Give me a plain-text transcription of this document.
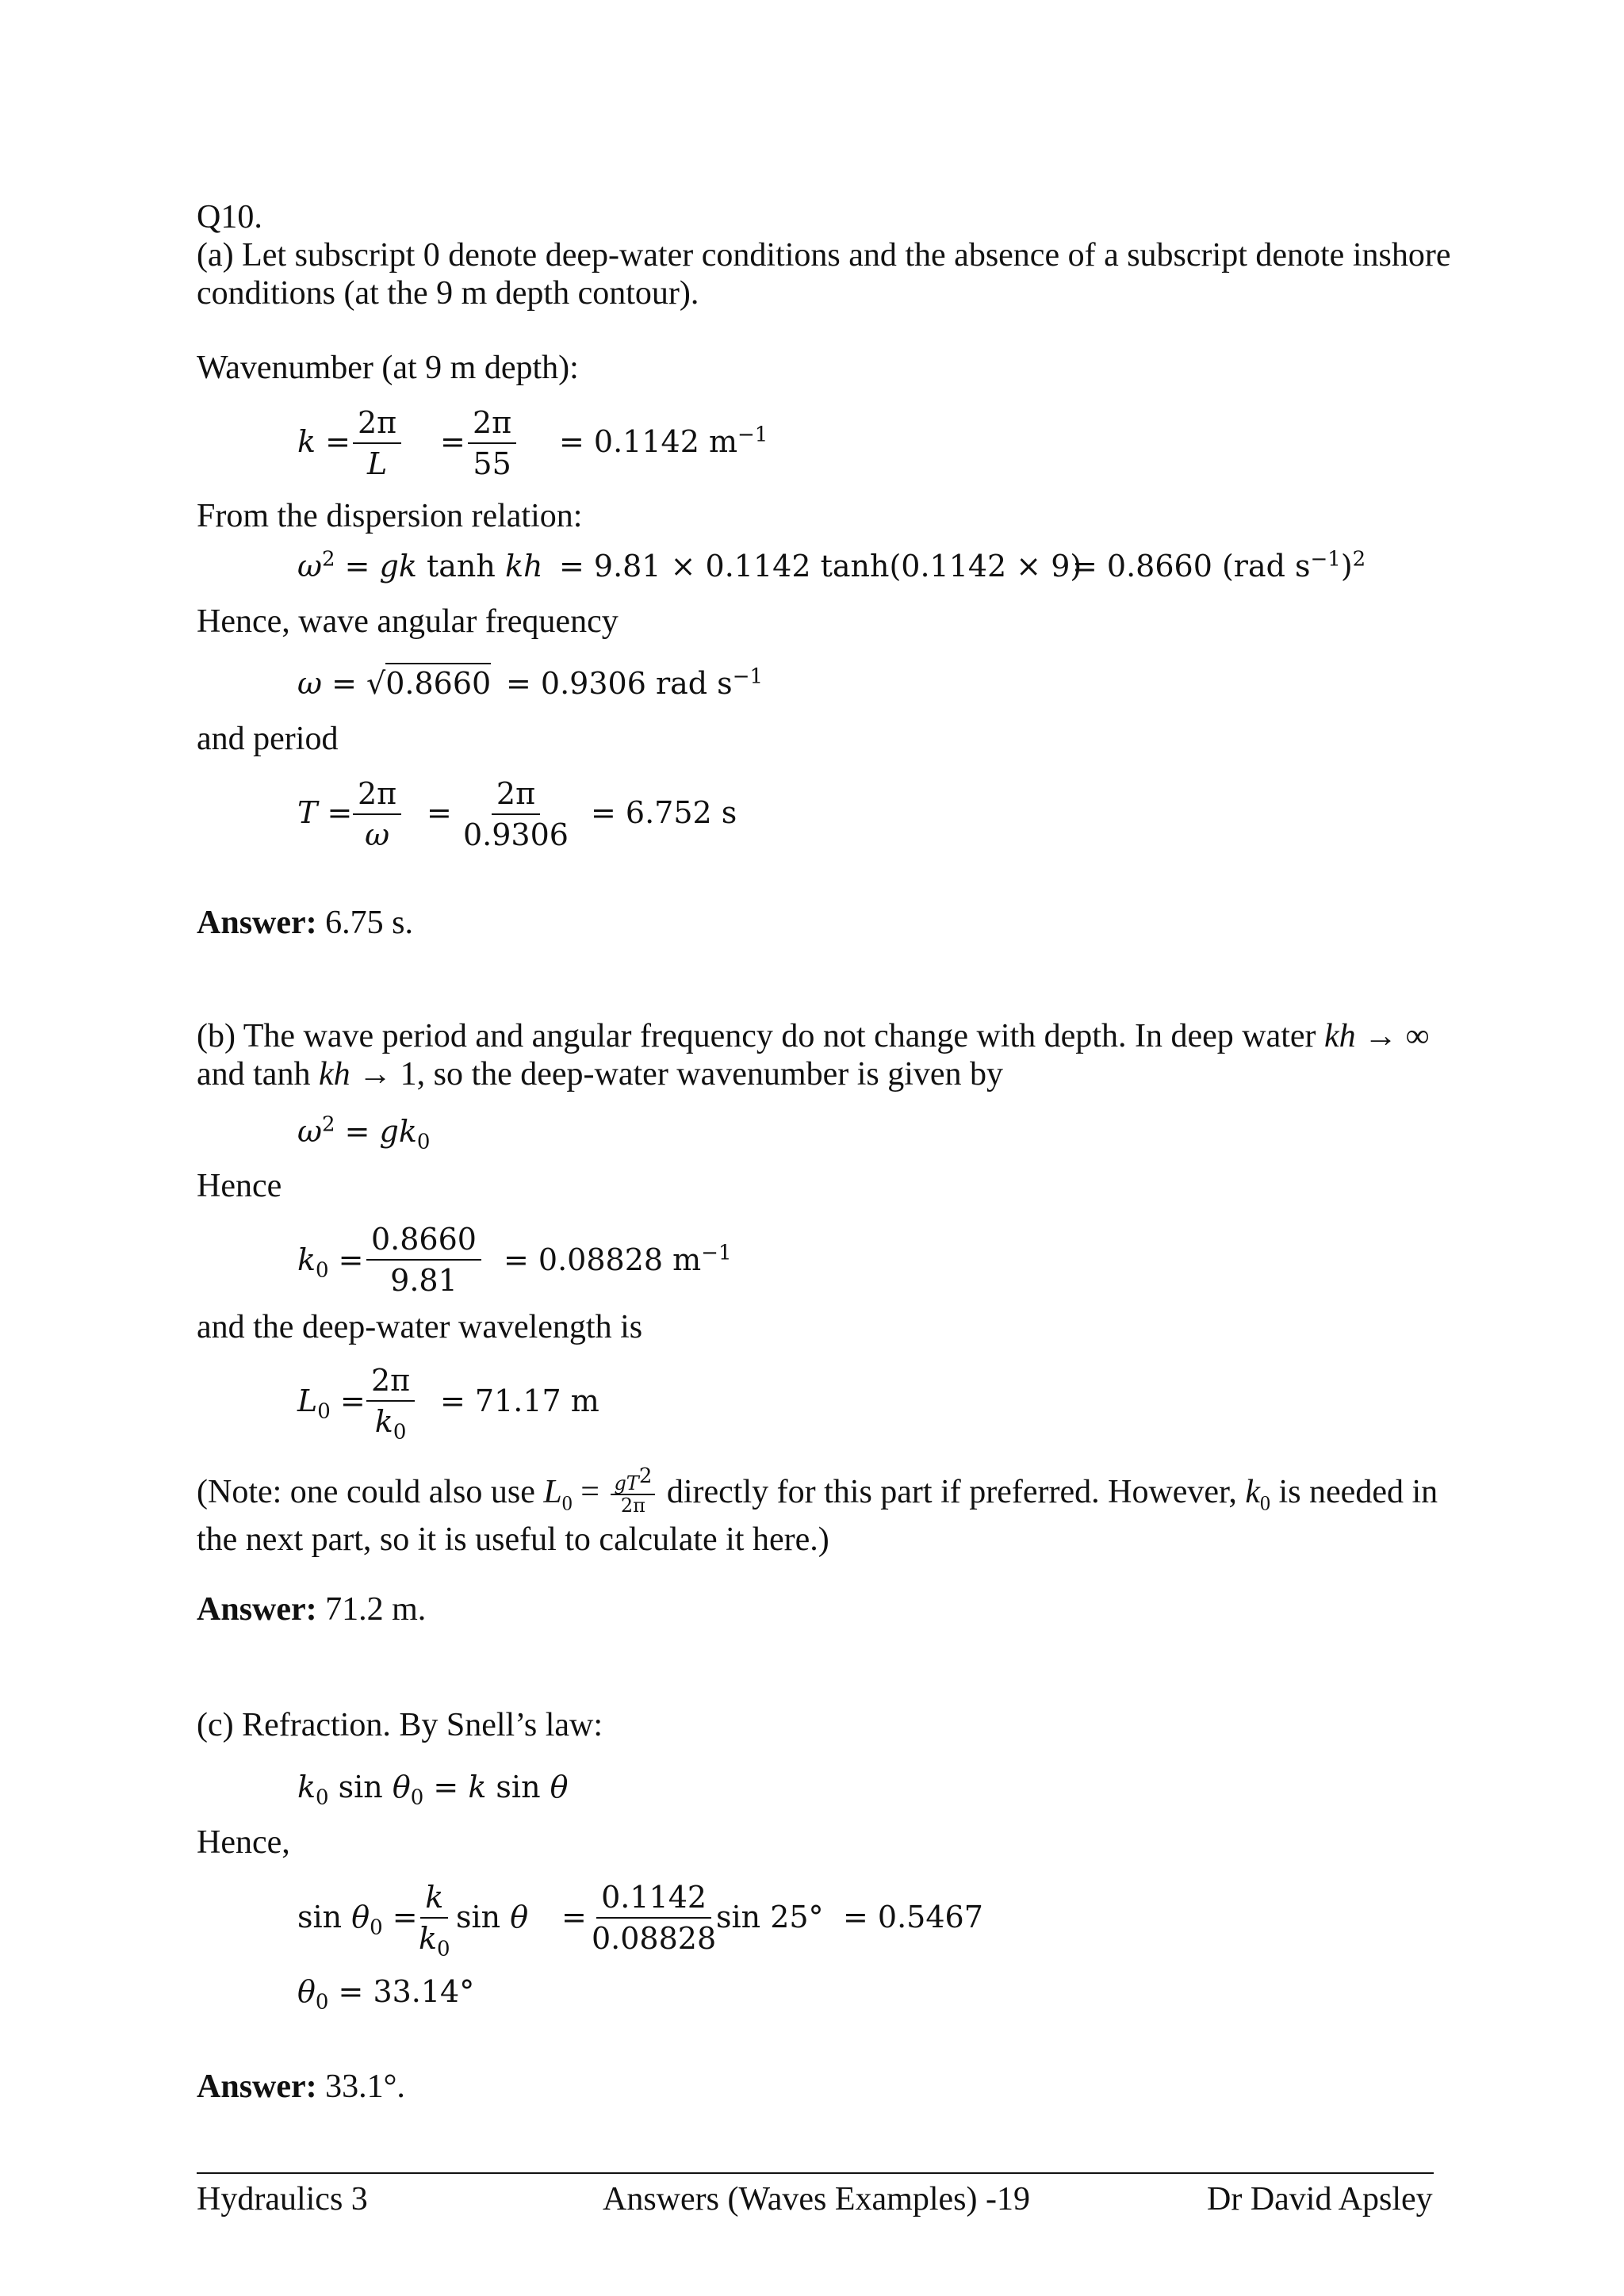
Q10.
(a) Let subscript 0 denote deep-water conditions and the absence of a subscript denote inshore
conditions (at the 9 m depth contour).
Wavenumber (at 9 m depth):
$k = \frac{2\pi}{L} = \frac{2\pi}{55} = 0.1142$ $m^{-1}$
From the dispersion relation:
$\omega^2$ = gk tanh kh = 9.81 × 0.1142 tanh(0.1142 × 9)
= 0.8660 (rad $s^{-1})^2$
Hence, wave angular frequency
ω = √0.8660 = 0.9306 rad $s^{-1}$
and period
$T = \frac{2\pi}{\omega} = \frac{2\pi}{0.9306} = 6.752$ s
Answer: 6.75 s.
(b) The wave period and angular frequency do not change with depth. In deep water kh → ∞
and tanh kh → 1, so the deep-water wavenumber is given by
$\omega^2 = gk_0$
Hence
$k_0 = \frac{0.8660}{9.81} = 0.08828$ $m^{-1}$
and the deep-water wavelength is
$L_0 = \frac{2\pi}{k_0} = 71.17$ m
(Note: one could also use $L_0 = \frac{gT^2}{2\pi}$ directly for this part if preferred. However, $k_0$ is needed in
the next part, so it is useful to calculate it here.)
Answer: 71.2 m.
(c) Refraction. By Snell’s law:
$k_0$ $\sin \theta_0 = k$ sin θ
Hence,
$\sin \theta_0$ =
$\frac{k}{k_0}$ $\sin \theta = \frac{0.1142}{0.08828}$
sin 25° = 0.5467
$\theta_0 = 33.14^\circ$
Answer: 33.1°.
Hydraulics 3	Answers (Waves Examples) -19	Dr David Apsley
